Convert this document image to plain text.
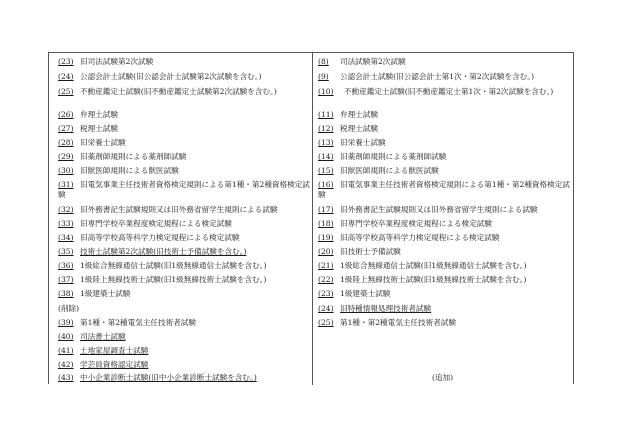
(23) 旧司法試験第2次試験
(24) 公認会計士試験(旧公認会計士試験第2次試験を含む。)
(25) 不動産鑑定士試験(旧不動産鑑定士試験第2次試験を含む。)
(26) 弁理士試験
(27) 税理士試験
(28) 旧栄養士試験
(29) 旧薬剤師規則による薬剤師試験
(30) 旧獣医師規則による獣医試験
(31) 旧電気事業主任技術者資格検定規則による第1種・第2種資格検定試験
(32) 旧外務書記生試験規則又は旧外務省留学生規則による試験
(33) 旧専門学校卒業程度検定規程による検定試験
(34) 旧高等学校高等科学力検定規程による検定試験
(35) 技術士試験第2次試験(旧技術士予備試験を含む。)
(36) 1級総合無線通信士試験(旧1級無線通信士試験を含む。)
(37) 1級陸上無線技術士試験(旧1級無線技術士試験を含む。)
(38) 1級建築士試験
(削除)
(39) 第1種・第2種電気主任技術者試験
(40) 司法書士試験
(41) 土地家屋調査士試験
(42) 学芸員資格認定試験
(43) 中小企業診断士試験(旧中小企業診断士試験を含む。)
(8) 司法試験第2次試験
(9) 公認会計士試験(旧公認会計士第1次・第2次試験を含む。)
(10) 不動産鑑定士試験(旧不動産鑑定士第1次・第2次試験を含む。)
(11) 弁理士試験
(12) 税理士試験
(13) 旧栄養士試験
(14) 旧薬剤師規則による薬剤師試験
(15) 旧獣医師規則による獣医試験
(16) 旧電気事業主任技術者資格検定規則による第1種・第2種資格検定試験
(17) 旧外務書記生試験規則又は旧外務省留学生規則による試験
(18) 旧専門学校卒業程度検定規程による検定試験
(19) 旧高等学校高等科学力検定規程による検定試験
(20) 旧技術士予備試験
(21) 1級総合無線通信士試験(旧1級無線通信士試験を含む。)
(22) 1級陸上無線技術士試験(旧1級無線技術士試験を含む。)
(23) 1級建築士試験
(24) 旧特種情報処理技術者試験
(25) 第1種・第2種電気主任技術者試験
(追加)
